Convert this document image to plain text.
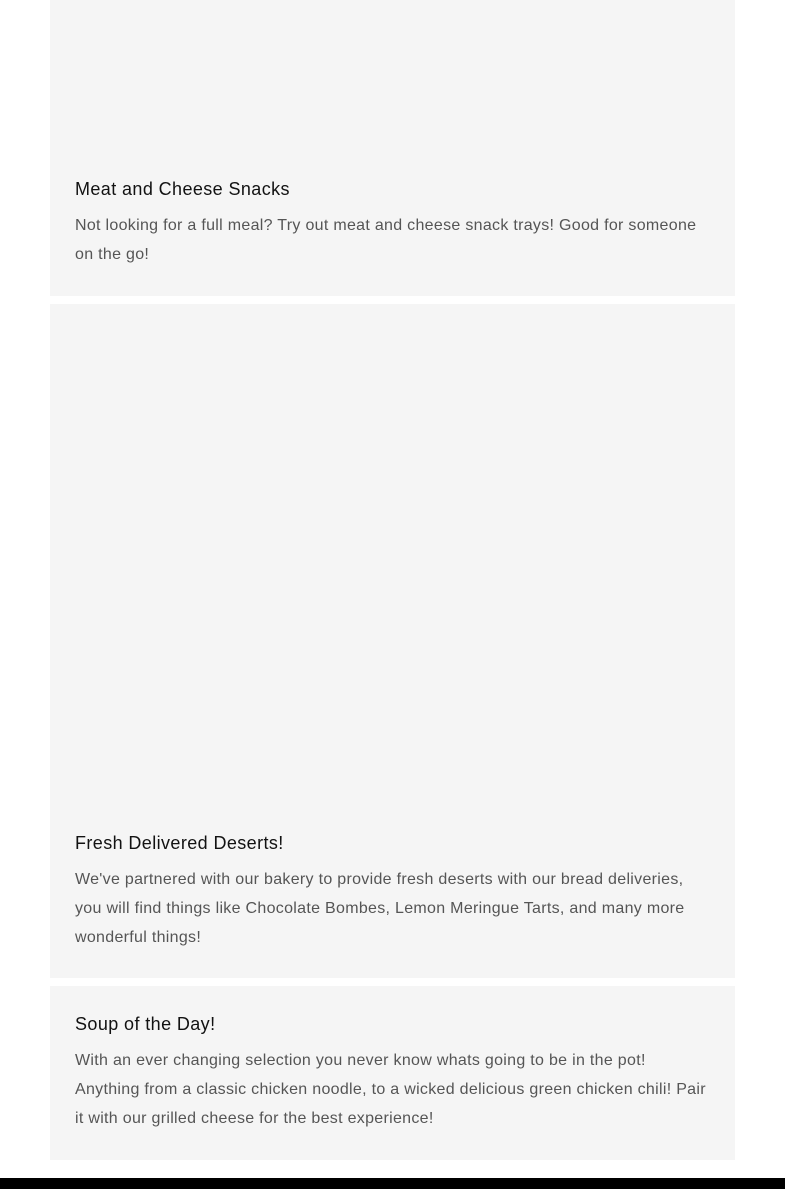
Meat and Cheese Snacks

Not looking for a full meal? Try out meat and cheese snack trays! Good for someone on the go!

Fresh Delivered Deserts!

We've partnered with our bakery to provide fresh deserts with our bread deliveries, you will find things like Chocolate Bombes, Lemon Meringue Tarts, and many more wonderful things!

Soup of the Day!

With an ever changing selection you never know whats going to be in the pot! Anything from a classic chicken noodle, to a wicked delicious green chicken chili! Pair it with our grilled cheese for the best experience!
